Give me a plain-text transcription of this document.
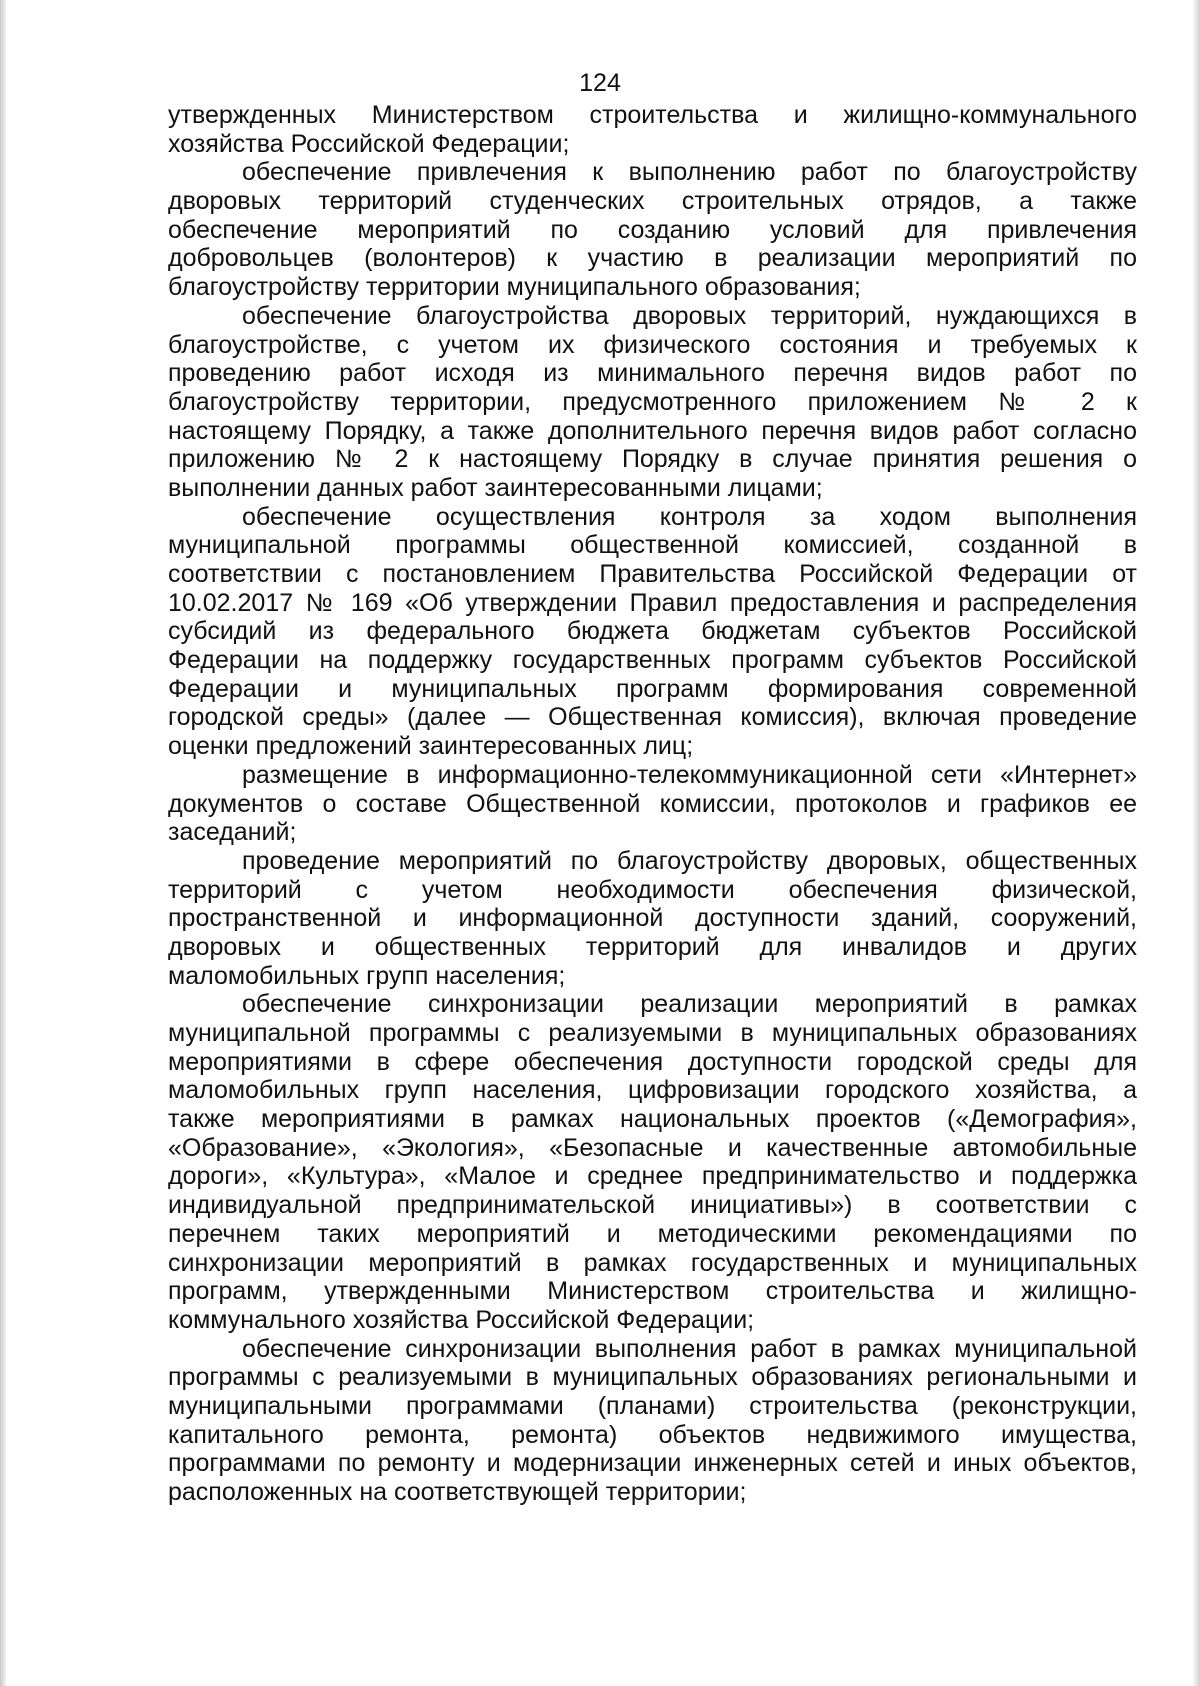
124
утвержденных Министерством строительства и жилищно-коммунального
хозяйства Российской Федерации;
обеспечение привлечения к выполнению работ по благоустройству
дворовых территорий студенческих строительных отрядов, а также
обеспечение мероприятий по созданию условий для привлечения
добровольцев (волонтеров) к участию в реализации мероприятий по
благоустройству территории муниципального образования;
обеспечение благоустройства дворовых территорий, нуждающихся в
благоустройстве, с учетом их физического состояния и требуемых к
проведению работ исходя из минимального перечня видов работ по
благоустройству территории, предусмотренного приложением № 2 к
настоящему Порядку, а также дополнительного перечня видов работ согласно
приложению № 2 к настоящему Порядку в случае принятия решения о
выполнении данных работ заинтересованными лицами;
обеспечение осуществления контроля за ходом выполнения
муниципальной программы общественной комиссией, созданной в
соответствии с постановлением Правительства Российской Федерации от
10.02.2017 № 169 «Об утверждении Правил предоставления и распределения
субсидий из федерального бюджета бюджетам субъектов Российской
Федерации на поддержку государственных программ субъектов Российской
Федерации и муниципальных программ формирования современной
городской среды» (далее — Общественная комиссия), включая проведение
оценки предложений заинтересованных лиц;
размещение в информационно-телекоммуникационной сети «Интернет»
документов о составе Общественной комиссии, протоколов и графиков ее
заседаний;
проведение мероприятий по благоустройству дворовых, общественных
территорий с учетом необходимости обеспечения физической,
пространственной и информационной доступности зданий, сооружений,
дворовых и общественных территорий для инвалидов и других
маломобильных групп населения;
обеспечение синхронизации реализации мероприятий в рамках
муниципальной программы с реализуемыми в муниципальных образованиях
мероприятиями в сфере обеспечения доступности городской среды для
маломобильных групп населения, цифровизации городского хозяйства, а
также мероприятиями в рамках национальных проектов («Демография»,
«Образование», «Экология», «Безопасные и качественные автомобильные
дороги», «Культура», «Малое и среднее предпринимательство и поддержка
индивидуальной предпринимательской инициативы») в соответствии с
перечнем таких мероприятий и методическими рекомендациями по
синхронизации мероприятий в рамках государственных и муниципальных
программ, утвержденными Министерством строительства и жилищно-
коммунального хозяйства Российской Федерации;
обеспечение синхронизации выполнения работ в рамках муниципальной
программы с реализуемыми в муниципальных образованиях региональными и
муниципальными программами (планами) строительства (реконструкции,
капитального ремонта, ремонта) объектов недвижимого имущества,
программами по ремонту и модернизации инженерных сетей и иных объектов,
расположенных на соответствующей территории;
